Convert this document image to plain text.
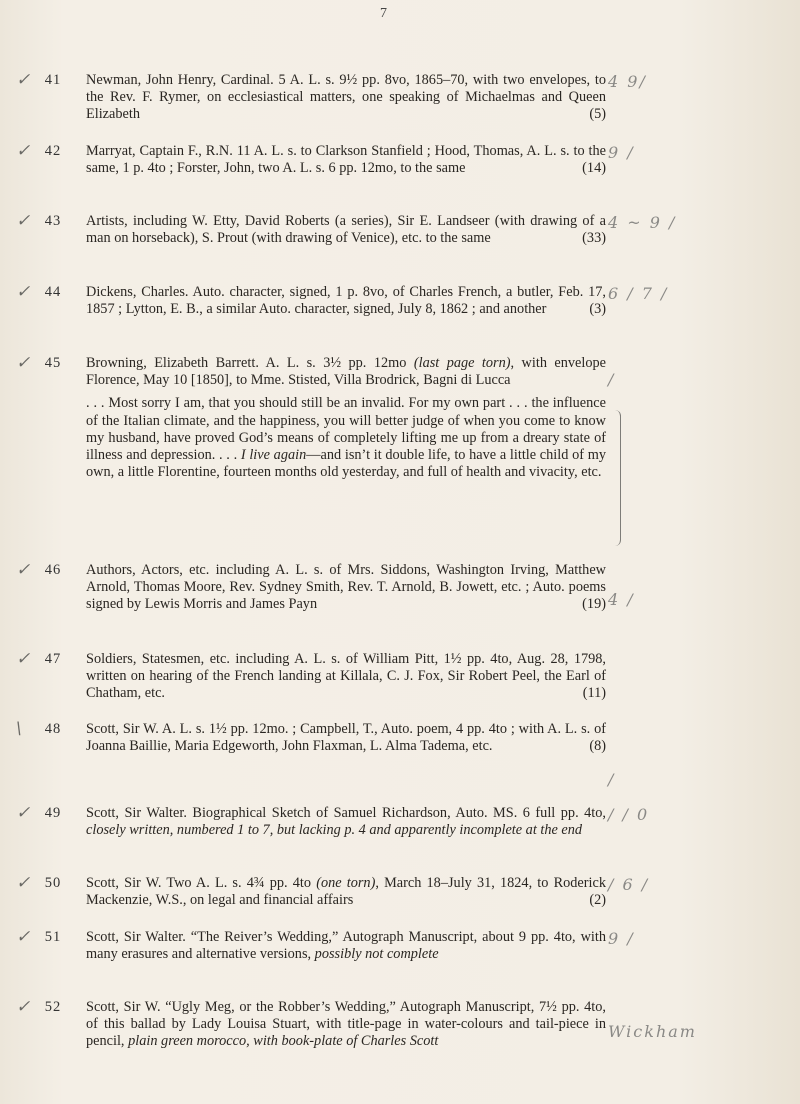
7
✓	41	Newman, John Henry, Cardinal. 5 A. L. s. 9½ pp. 8vo, 1865–70, with two envelopes, to the Rev. F. Rymer, on ecclesiastical matters, one speaking of Michaelmas and Queen Elizabeth	(5)
4 9/
✓	42	Marryat, Captain F., R.N. 11 A. L. s. to Clarkson Stanfield ; Hood, Thomas, A. L. s. to the same, 1 p. 4to ; Forster, John, two A. L. s. 6 pp. 12mo, to the same	(14)
9 /
✓	43	Artists, including W. Etty, David Roberts (a series), Sir E. Landseer (with drawing of a man on horseback), S. Prout (with drawing of Venice), etc. to the same	(33)
4 ~ 9 /
✓	44	Dickens, Charles. Auto. character, signed, 1 p. 8vo, of Charles French, a butler, Feb. 17, 1857 ; Lytton, E. B., a similar Auto. character, signed, July 8, 1862 ; and another	(3)
6 / 7 /
✓	45	Browning, Elizabeth Barrett. A. L. s. 3½ pp. 12mo (last page torn), with envelope Florence, May 10 [1850], to Mme. Stisted, Villa Brodrick, Bagni di Lucca
. . . Most sorry I am, that you should still be an invalid. For my own part . . . the influence of the Italian climate, and the happiness, you will better judge of when you come to know my husband, have proved God’s means of completely lifting me up from a dreary state of illness and depression. . . . I live again—and isn’t it double life, to have a little child of my own, a little Florentine, fourteen months old yesterday, and full of health and vivacity, etc.
/
✓	46	Authors, Actors, etc. including A. L. s. of Mrs. Siddons, Washington Irving, Matthew Arnold, Thomas Moore, Rev. Sydney Smith, Rev. T. Arnold, B. Jowett, etc. ; Auto. poems signed by Lewis Morris and James Payn	(19) 4 /
✓	47	Soldiers, Statesmen, etc. including A. L. s. of William Pitt, 1½ pp. 4to, Aug. 28, 1798, written on hearing of the French landing at Killala, C. J. Fox, Sir Robert Peel, the Earl of Chatham, etc.	(11)
\	48	Scott, Sir W. A. L. s. 1½ pp. 12mo. ; Campbell, T., Auto. poem, 4 pp. 4to ; with A. L. s. of Joanna Baillie, Maria Edgeworth, John Flaxman, L. Alma Tadema, etc.	(8)
/
✓	49	Scott, Sir Walter. Biographical Sketch of Samuel Richardson, Auto. MS. 6 full pp. 4to, closely written, numbered 1 to 7, but lacking p. 4 and apparently incomplete at the end
/ / 0
✓	50	Scott, Sir W. Two A. L. s. 4¾ pp. 4to (one torn), March 18–July 31, 1824, to Roderick Mackenzie, W.S., on legal and financial affairs	(2)
/ 6 /
✓	51	Scott, Sir Walter. “The Reiver’s Wedding,” Autograph Manuscript, about 9 pp. 4to, with many erasures and alternative versions, possibly not complete
9 /
✓	52	Scott, Sir W. “Ugly Meg, or the Robber’s Wedding,” Autograph Manuscript, 7½ pp. 4to, of this ballad by Lady Louisa Stuart, with title-page in water-colours and tail-piece in pencil, plain green morocco, with book-plate of Charles Scott
Wickham
